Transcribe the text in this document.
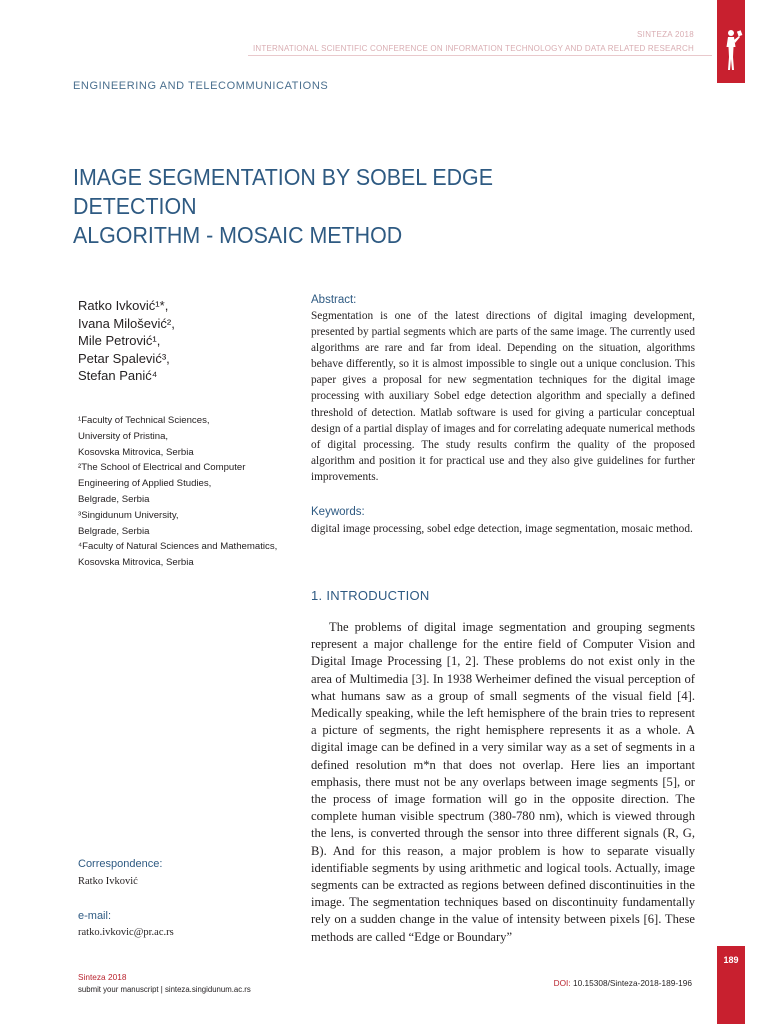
SINTEZA 2018
INTERNATIONAL SCIENTIFIC CONFERENCE ON INFORMATION TECHNOLOGY AND DATA RELATED RESEARCH
ENGINEERING AND TELECOMMUNICATIONS
IMAGE SEGMENTATION BY SOBEL EDGE DETECTION
ALGORITHM - MOSAIC METHOD
Ratko Ivković¹*,
Ivana Milošević²,
Mile Petrović¹,
Petar Spalević³,
Stefan Panić⁴
¹Faculty of Technical Sciences,
University of Pristina,
Kosovska Mitrovica, Serbia
²The School of Electrical and Computer
Engineering of Applied Studies,
Belgrade, Serbia
³Singidunum University,
Belgrade, Serbia
⁴Faculty of Natural Sciences and Mathematics,
Kosovska Mitrovica, Serbia
Abstract:

Segmentation is one of the latest directions of digital imaging development, presented by partial segments which are parts of the same image. The currently used algorithms are rare and far from ideal. Depending on the situation, algorithms behave differently, so it is almost impossible to single out a unique conclusion. This paper gives a proposal for new segmentation techniques for the digital image processing with auxiliary Sobel edge detection algorithm and specially a defined threshold of detection. Matlab software is used for giving a particular conceptual design of a partial display of images and for correlating adequate numerical methods of digital processing. The study results confirm the quality of the proposed algorithm and position it for practical use and they also give guidelines for further improvements.

Keywords:

digital image processing, sobel edge detection, image segmentation, mosaic method.

1. INTRODUCTION

The problems of digital image segmentation and grouping segments represent a major challenge for the entire field of Computer Vision and Digital Image Processing [1, 2]. These problems do not exist only in the area of Multimedia [3]. In 1938 Werheimer defined the visual perception of what humans saw as a group of small segments of the visual field [4]. Medically speaking, while the left hemisphere of the brain tries to represent a picture of segments, the right hemisphere represents it as a whole. A digital image can be defined in a very similar way as a set of segments in a defined resolution m*n that does not overlap. Here lies an important emphasis, there must not be any overlaps between image segments [5], or the process of image formation will go in the opposite direction. The complete human visible spectrum (380-780 nm), which is viewed through the lens, is converted through the sensor into three different signals (R, G, B). And for this reason, a major problem is how to separate visually identifiable segments by using arithmetic and logical tools. Actually, image segments can be extracted as regions between defined discontinuities in the image. The segmentation techniques based on discontinuity fundamentally rely on a sudden change in the value of intensity between pixels [6]. These methods are called “Edge or Boundary”

Correspondence:
Ratko Ivković
e-mail:
ratko.ivkovic@pr.ac.rs
Sinteza 2018
submit your manuscript | sinteza.singidunum.ac.rs
DOI: 10.15308/Sinteza-2018-189-196
189
